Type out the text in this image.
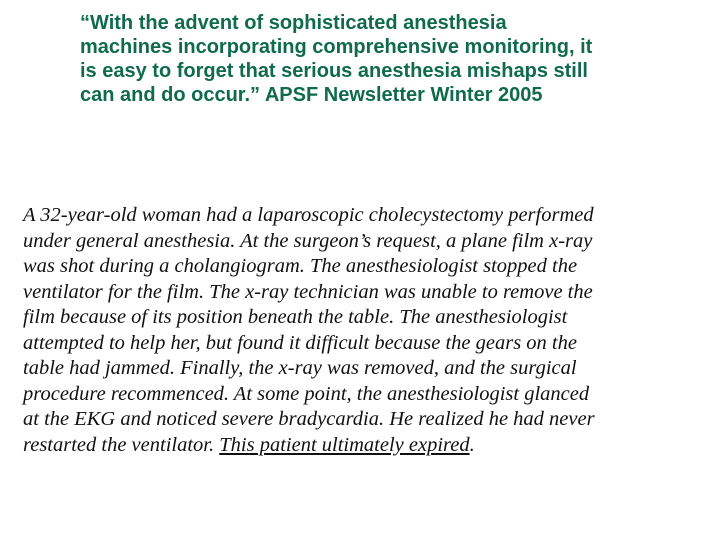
“With the advent of sophisticated anesthesia
machines incorporating comprehensive monitoring, it
is easy to forget that serious anesthesia mishaps still
can and do occur.” APSF Newsletter Winter 2005
A 32-year-old woman had a laparoscopic cholecystectomy performed
under general anesthesia. At the surgeon’s request, a plane film x-ray
was shot during a cholangiogram. The anesthesiologist stopped the
ventilator for the film. The x-ray technician was unable to remove the
film because of its position beneath the table. The anesthesiologist
attempted to help her, but found it difficult because the gears on the
table had jammed. Finally, the x-ray was removed, and the surgical
procedure recommenced. At some point, the anesthesiologist glanced
at the EKG and noticed severe bradycardia. He realized he had never
restarted the ventilator. This patient ultimately expired.
